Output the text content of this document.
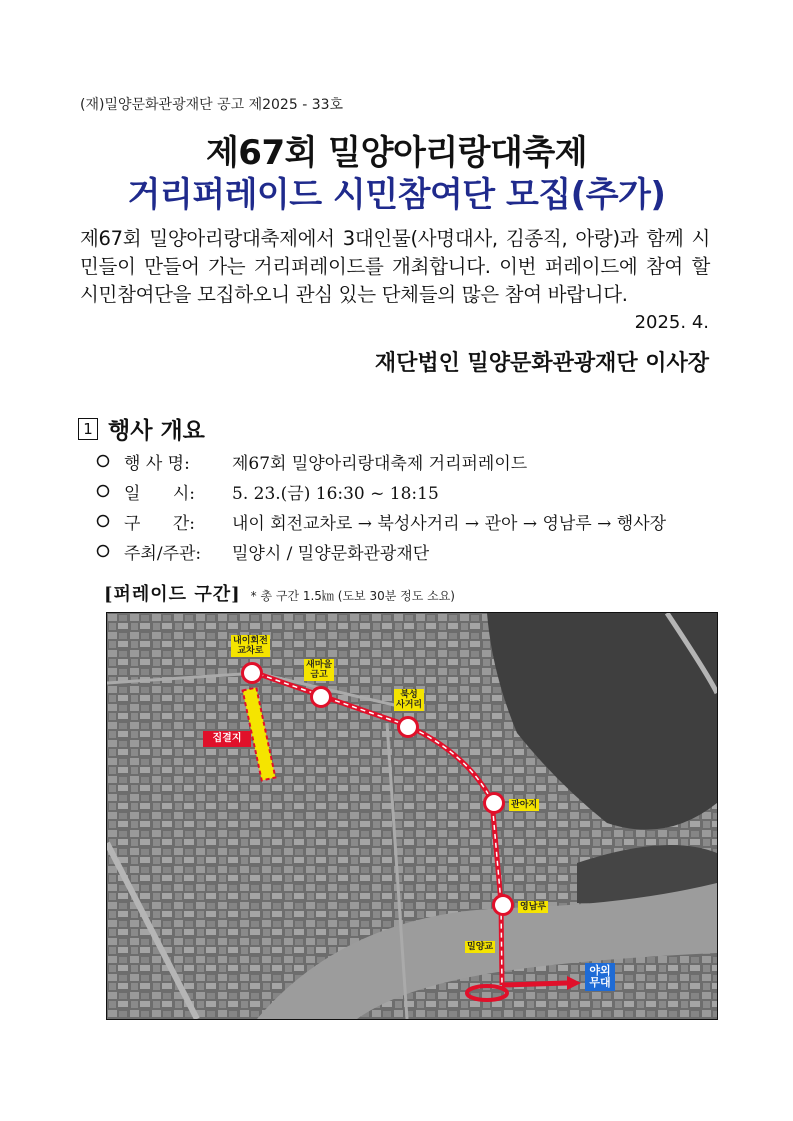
(재)밀양문화관광재단 공고 제2025 - 33호
제67회 밀양아리랑대축제
거리퍼레이드 시민참여단 모집(추가)
제67회 밀양아리랑대축제에서 3대인물(사명대사, 김종직, 아랑)과 함께 시민들이 만들어 가는 거리퍼레이드를 개최합니다. 이번 퍼레이드에 참여 할 시민참여단을 모집하오니 관심 있는 단체들의 많은 참여 바랍니다.
2025. 4.
재단법인 밀양문화관광재단 이사장
1 행사 개요
행 사 명:	제67회 밀양아리랑대축제 거리퍼레이드
일      시:	5. 23.(금) 16:30 ~ 18:15
구      간:	내이 회전교차로 → 북성사거리 → 관아 → 영남루 → 행사장
주최/주관:	밀양시 / 밀양문화관광재단
[퍼레이드 구간] * 총 구간 1.5㎞ (도보 30분 정도 소요)
내이회전
교차로
새마을
금고
북성
사거리
관아지
영남루
밀양교
집결지
야외
무대
